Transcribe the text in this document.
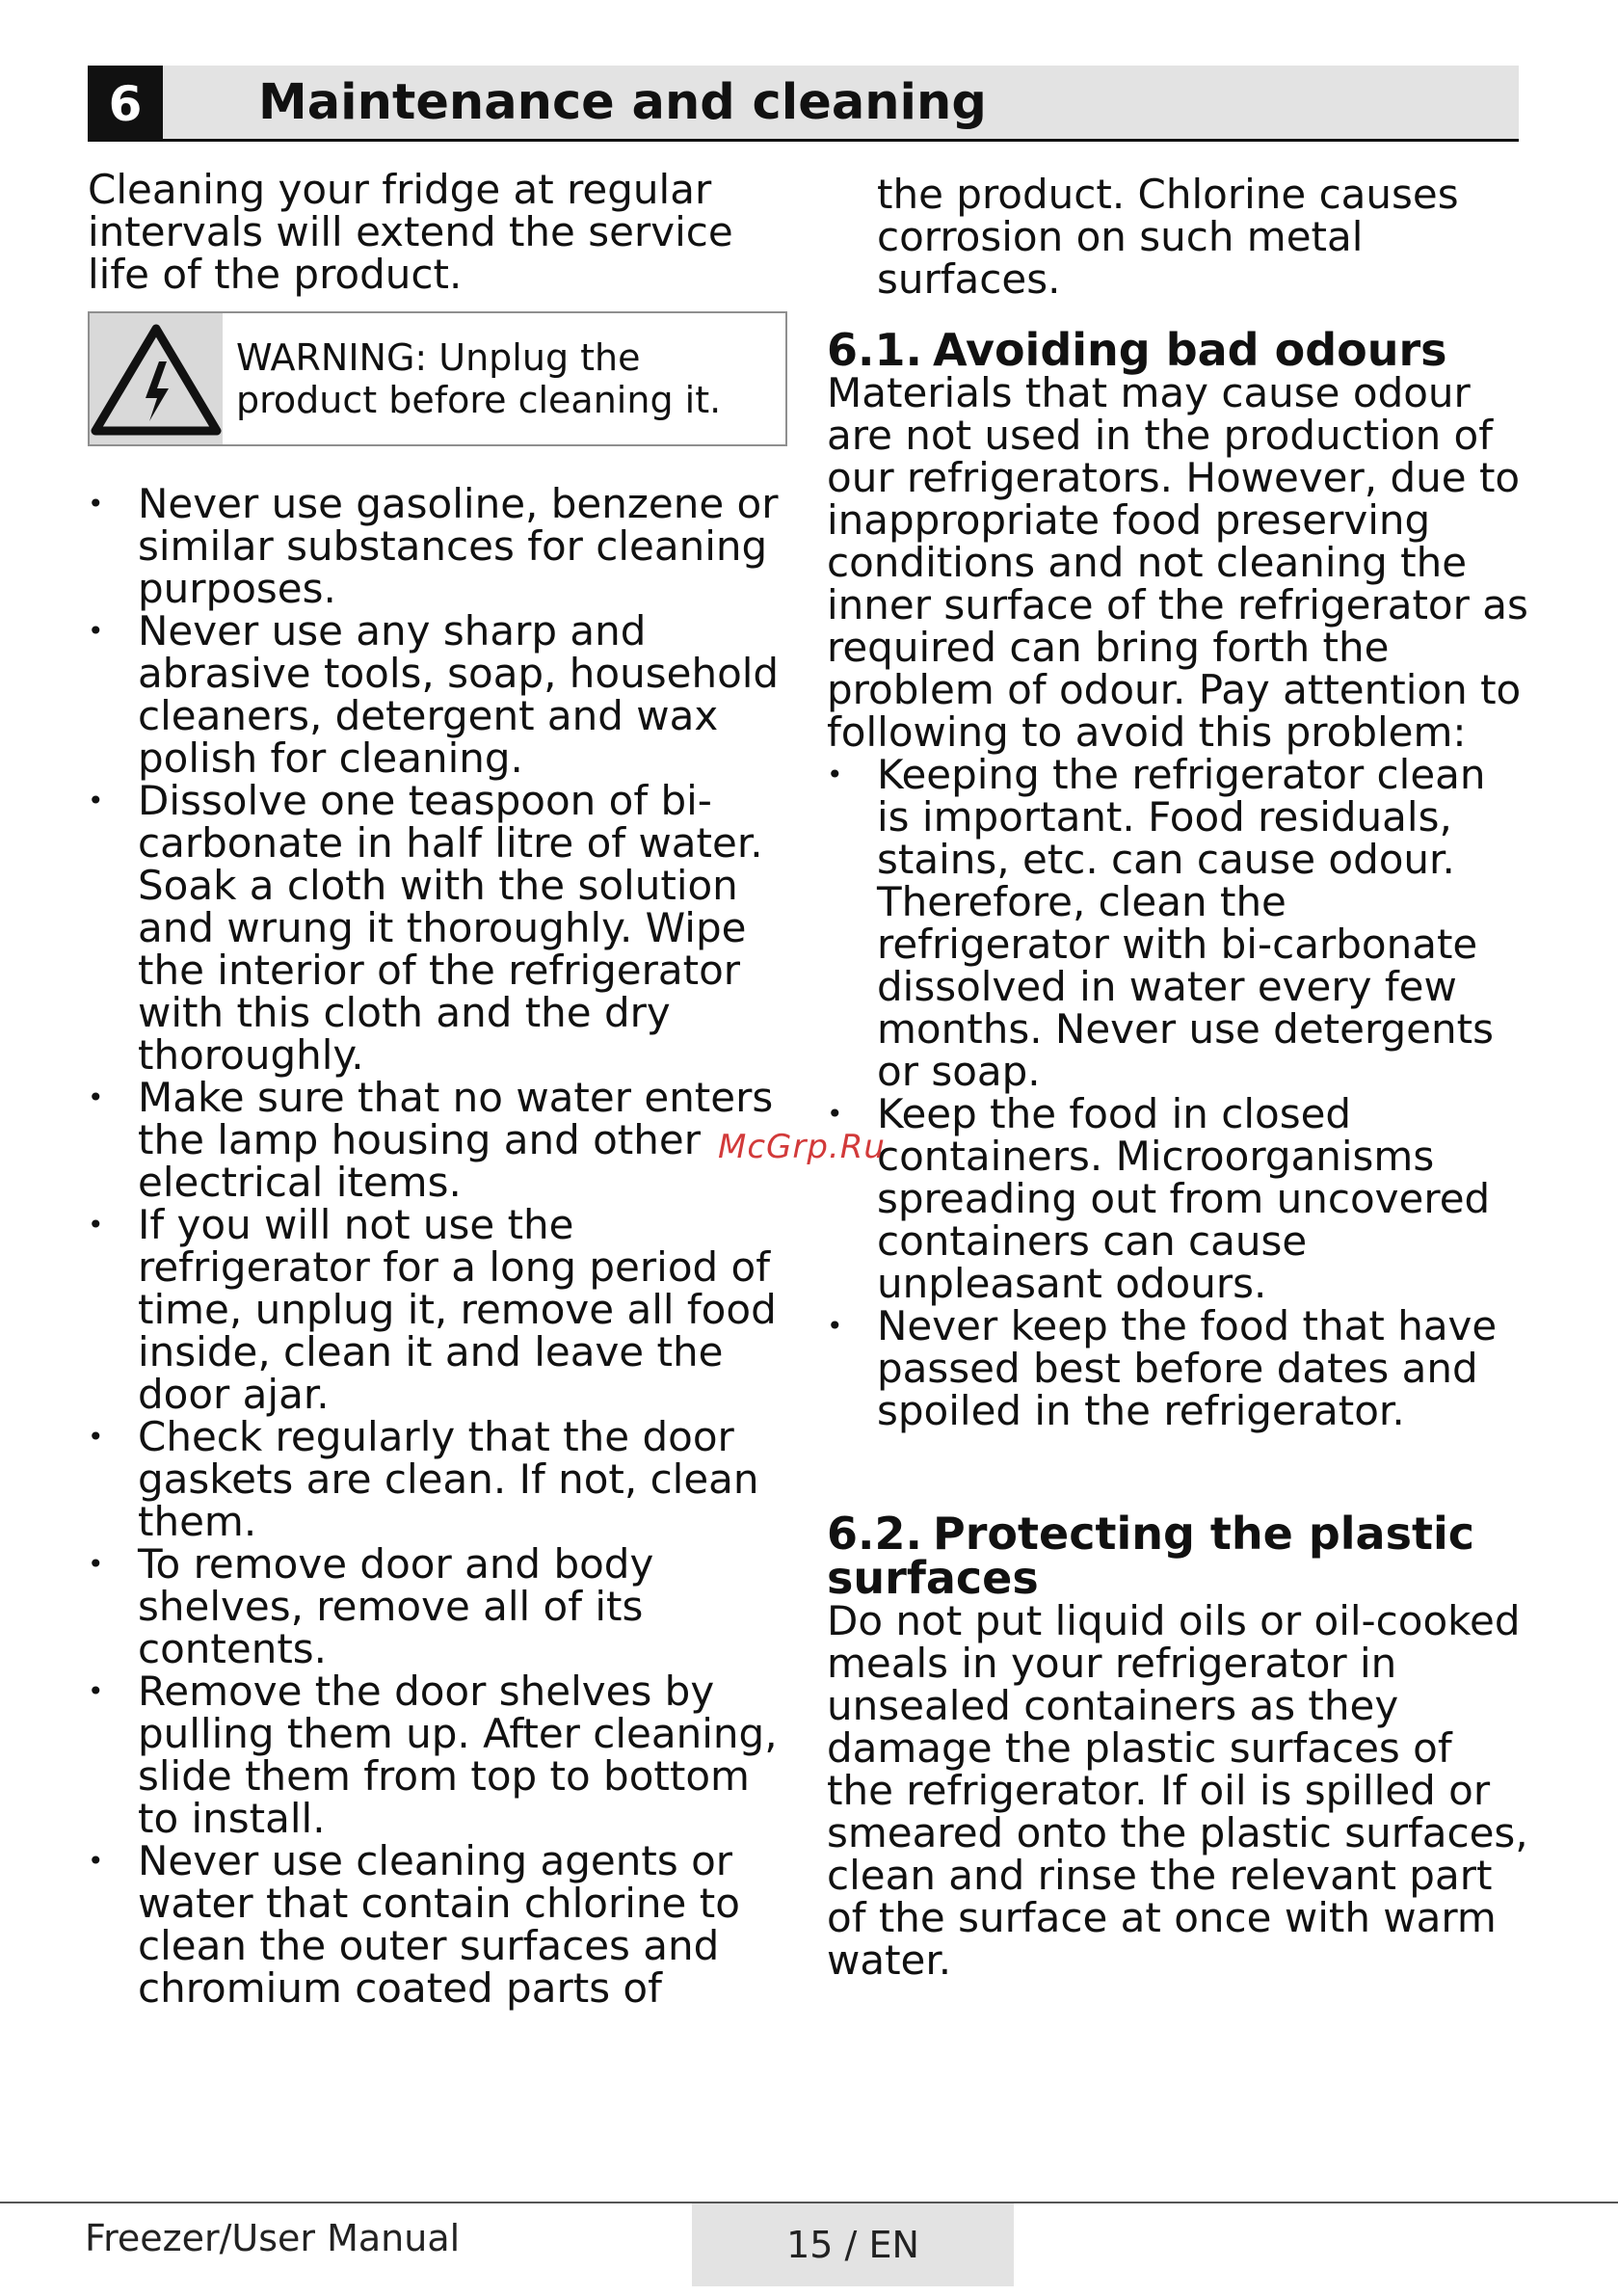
6	Maintenance and cleaning

Cleaning your fridge at regular intervals will extend the service life of the product.

WARNING: Unplug the product before cleaning it.
• Never use gasoline, benzene or similar substances for cleaning purposes.
• Never use any sharp and abrasive tools, soap, household cleaners, detergent and wax polish for cleaning.
• Dissolve one teaspoon of bi-carbonate in half litre of water. Soak a cloth with the solution and wrung it thoroughly. Wipe the interior of the refrigerator with this cloth and the dry thoroughly.
• Make sure that no water enters the lamp housing and other electrical items.
• If you will not use the refrigerator for a long period of time, unplug it, remove all food inside, clean it and leave the door ajar.
• Check regularly that the door gaskets are clean. If not, clean them.
• To remove door and body shelves, remove all of its contents.
• Remove the door shelves by pulling them up. After cleaning, slide them from top to bottom to install.
• Never use cleaning agents or water that contain chlorine to clean the outer surfaces and chromium coated parts of

the product. Chlorine causes corrosion on such metal surfaces.

6.1. Avoiding bad odours

Materials that may cause odour are not used in the production of our refrigerators. However, due to inappropriate food preserving conditions and not cleaning the inner surface of the refrigerator as required can bring forth the problem of odour. Pay attention to following to avoid this problem:

• Keeping the refrigerator clean is important. Food residuals, stains, etc. can cause odour. Therefore, clean the refrigerator with bi-carbonate dissolved in water every few months. Never use detergents or soap.
• Keep the food in closed containers. Microorganisms spreading out from uncovered containers can cause unpleasant odours.
• Never keep the food that have passed best before dates and spoiled in the refrigerator.
6.2. Protecting the plastic surfaces

Do not put liquid oils or oil-cooked meals in your refrigerator in unsealed containers as they damage the plastic surfaces of the refrigerator. If oil is spilled or smeared onto the plastic surfaces, clean and rinse the relevant part of the surface at once with warm water.

McGrp.Ru
Freezer/User Manual	15 / EN
